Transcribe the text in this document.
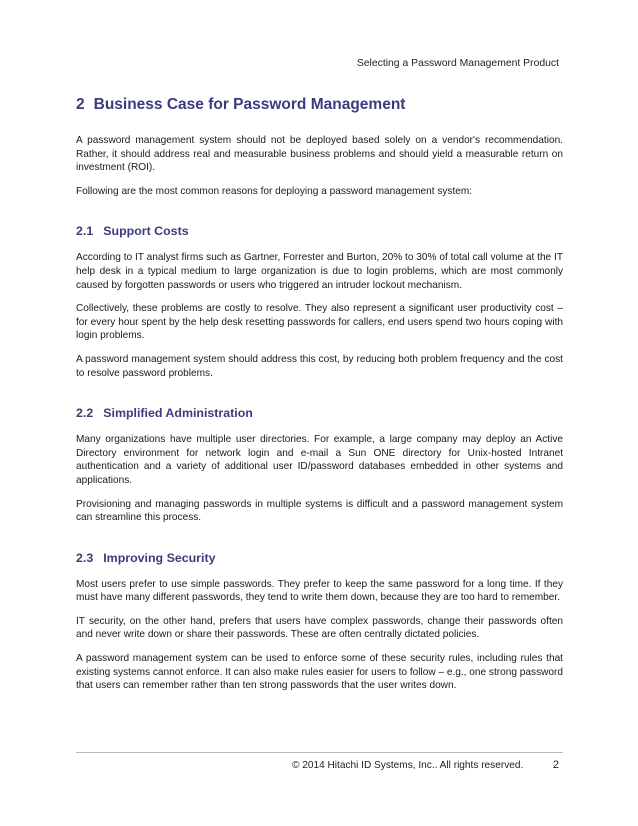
Selecting a Password Management Product
2 Business Case for Password Management

A password management system should not be deployed based solely on a vendor's recommendation. Rather, it should address real and measurable business problems and should yield a measurable return on investment (ROI).

Following are the most common reasons for deploying a password management system:

2.1 Support Costs

According to IT analyst firms such as Gartner, Forrester and Burton, 20% to 30% of total call volume at the IT help desk in a typical medium to large organization is due to login problems, which are most commonly caused by forgotten passwords or users who triggered an intruder lockout mechanism.

Collectively, these problems are costly to resolve. They also represent a significant user productivity cost – for every hour spent by the help desk resetting passwords for callers, end users spend two hours coping with login problems.

A password management system should address this cost, by reducing both problem frequency and the cost to resolve password problems.

2.2 Simplified Administration

Many organizations have multiple user directories. For example, a large company may deploy an Active Directory environment for network login and e-mail a Sun ONE directory for Unix-hosted Intranet authentication and a variety of additional user ID/password databases embedded in other systems and applications.

Provisioning and managing passwords in multiple systems is difficult and a password management system can streamline this process.

2.3 Improving Security

Most users prefer to use simple passwords. They prefer to keep the same password for a long time. If they must have many different passwords, they tend to write them down, because they are too hard to remember.

IT security, on the other hand, prefers that users have complex passwords, change their passwords often and never write down or share their passwords. These are often centrally dictated policies.

A password management system can be used to enforce some of these security rules, including rules that existing systems cannot enforce. It can also make rules easier for users to follow – e.g., one strong password that users can remember rather than ten strong passwords that the user writes down.

© 2014 Hitachi ID Systems, Inc.. All rights reserved.	2
